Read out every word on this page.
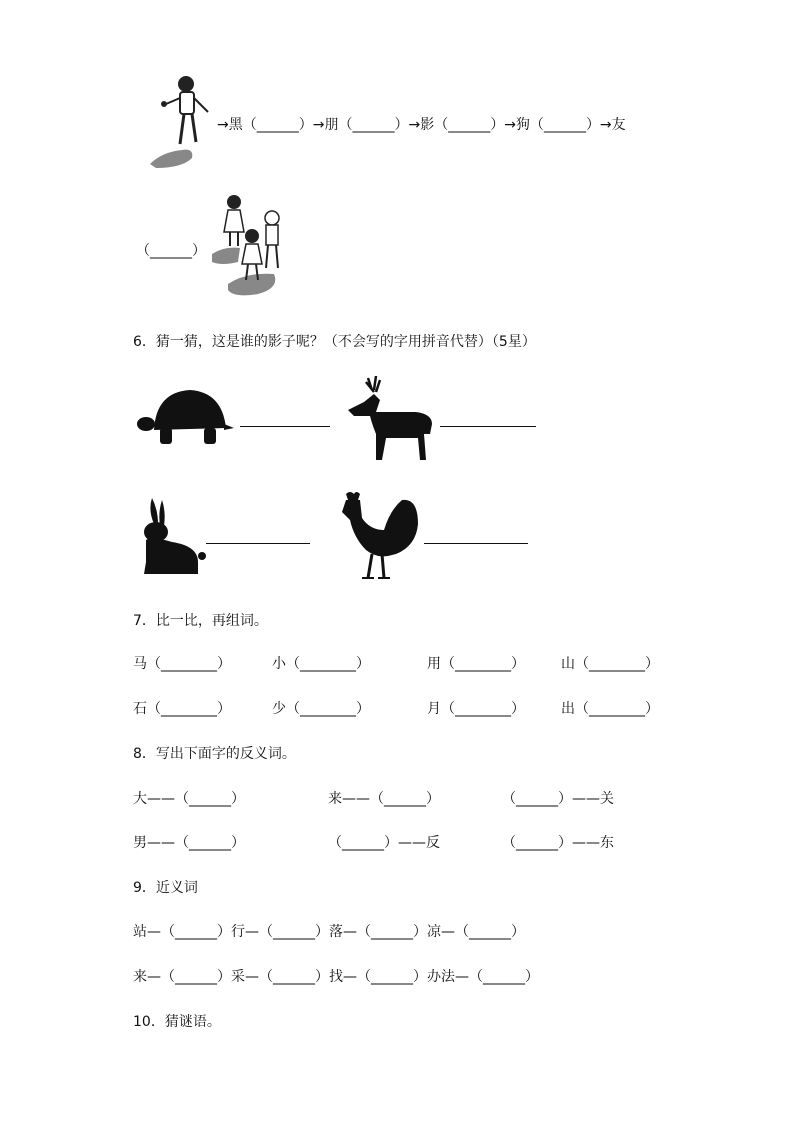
→黑（______）→朋（______）→影（______）→狗（______）→友
（______）
6．猜一猜，这是谁的影子呢？（不会写的字用拼音代替）（5星）
7．比一比，再组词。
马（________）	小（________）	用（________）	山（________）
石（________）	少（________）	月（________）	出（________）
8．写出下面字的反义词。
大——（______）	来——（______）	（______）——关
男——（______）	（______）——反	（______）——东
9．近义词
站—（______）行—（______）落—（______）凉—（______）
来—（______）采—（______）找—（______）办法—（______）
10．猜谜语。
